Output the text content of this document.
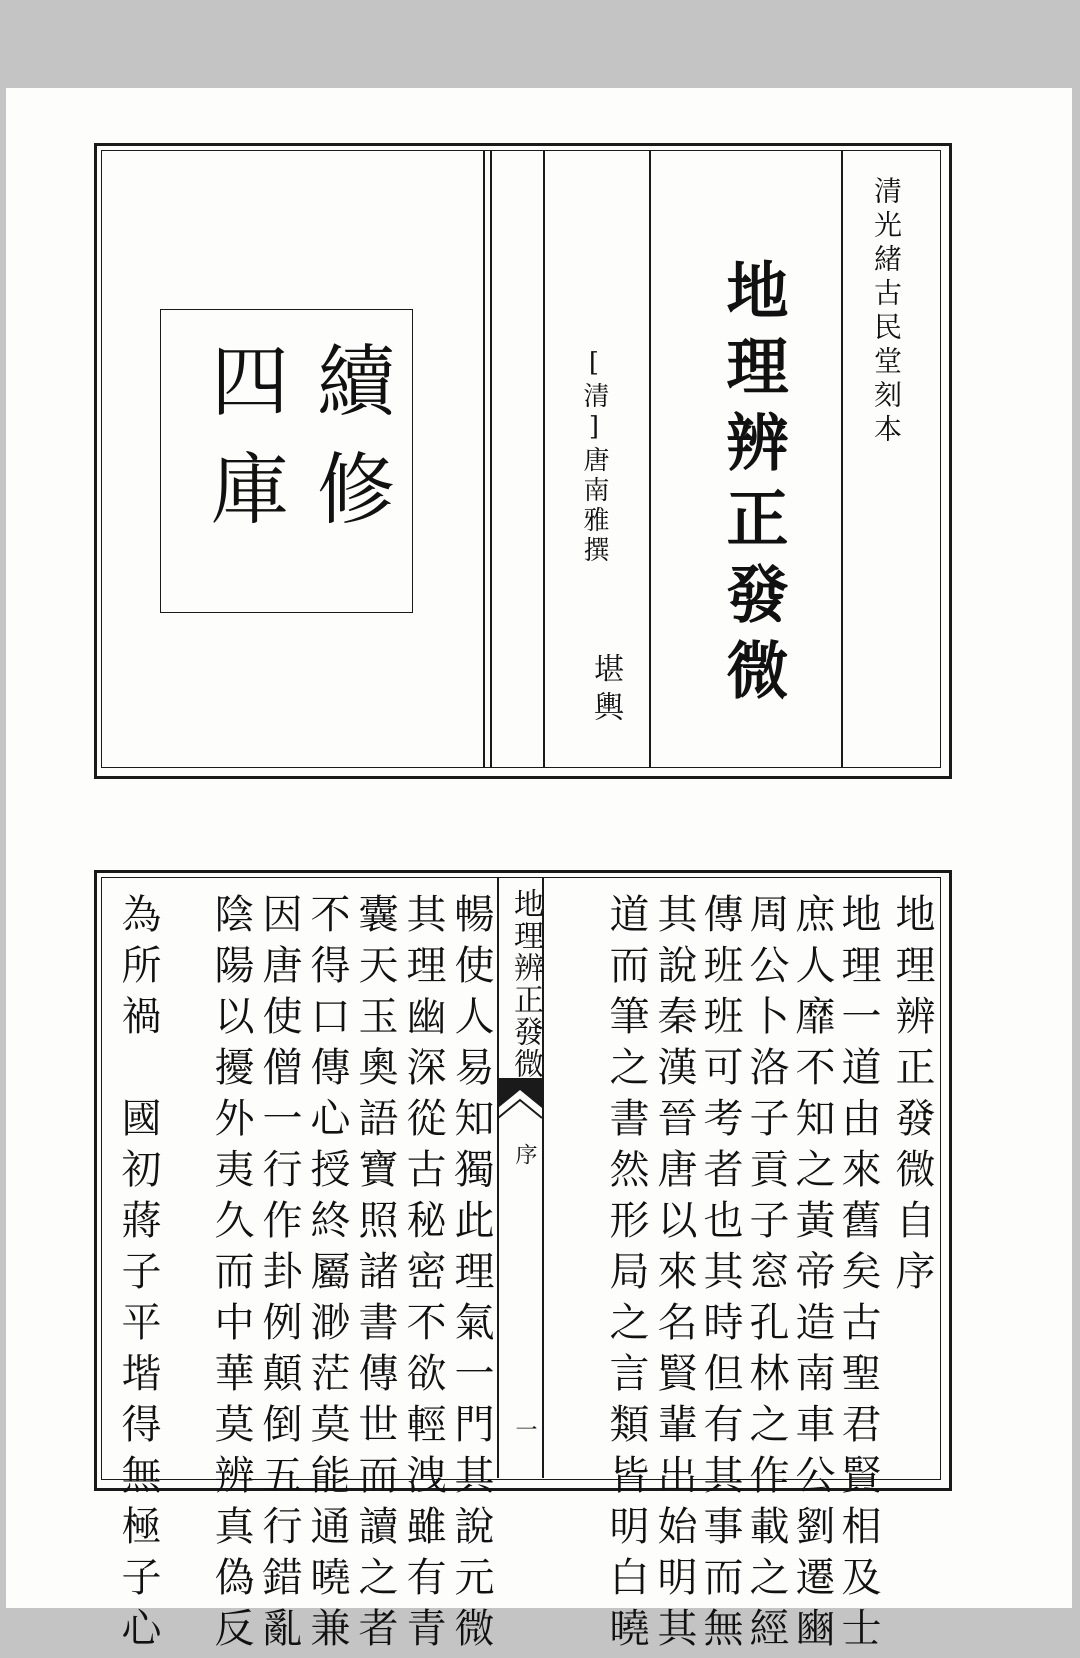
清光緒古民堂刻本
地理辨正發微
[清]唐南雅撰
堪輿
續修
四庫
地理辨正發微
序
一
地理辨正發微自序
地理一道由來舊矣古聖君賢相及士
庶人靡不知之黃帝造南車公劉遷豳
周公卜洛子貢子窓孔林之作載之經
傳班班可考者也其時但有其事而無
其說秦漢晉唐以來名賢輩出始明其
道而筆之書然形局之言類皆明白曉
暢使人易知獨此理氣一門其說元微
其理幽深從古秘密不欲輕洩雖有青
囊天玉奧語寶照諸書傳世而讀之者
不得口傳心授終屬渺茫莫能通曉兼
因唐使僧一行作卦例顛倒五行錯亂
陰陽以擾外夷久而中華莫辨真偽反
為所禍　國初蔣子平堦得無極子心
